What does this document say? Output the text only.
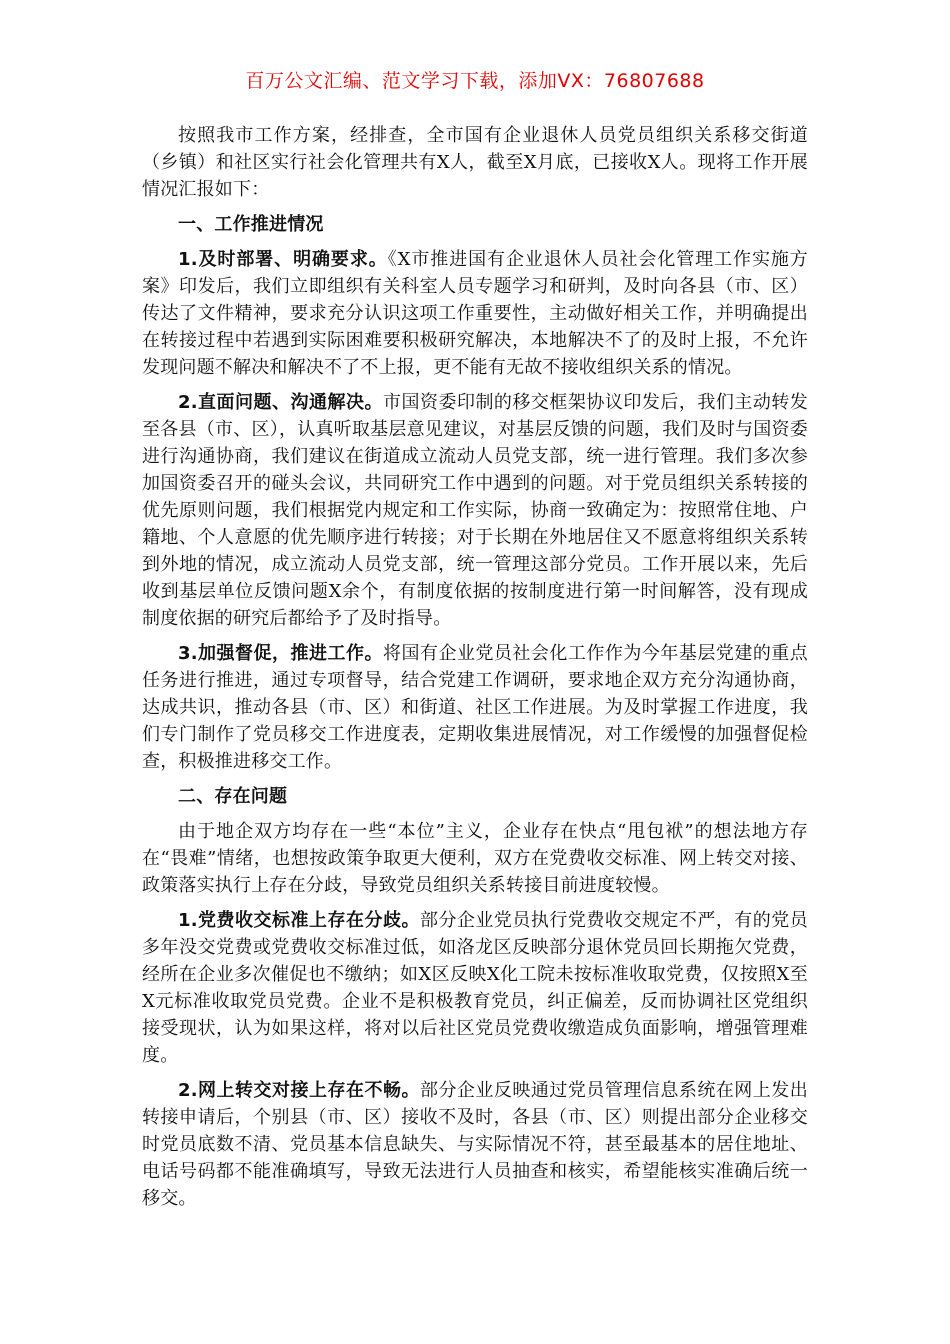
百万公文汇编、范文学习下载，添加VX：76807688

按照我市工作方案，经排查，全市国有企业退休人员党员组织关系移交街道（乡镇）和社区实行社会化管理共有X人，截至X月底，已接收X人。现将工作开展情况汇报如下：

一、工作推进情况

1.及时部署、明确要求。《X市推进国有企业退休人员社会化管理工作实施方案》印发后，我们立即组织有关科室人员专题学习和研判，及时向各县（市、区）传达了文件精神，要求充分认识这项工作重要性，主动做好相关工作，并明确提出在转接过程中若遇到实际困难要积极研究解决，本地解决不了的及时上报，不允许发现问题不解决和解决不了不上报，更不能有无故不接收组织关系的情况。

2.直面问题、沟通解决。市国资委印制的移交框架协议印发后，我们主动转发至各县（市、区），认真听取基层意见建议，对基层反馈的问题，我们及时与国资委进行沟通协商，我们建议在街道成立流动人员党支部，统一进行管理。我们多次参加国资委召开的碰头会议，共同研究工作中遇到的问题。对于党员组织关系转接的优先原则问题，我们根据党内规定和工作实际，协商一致确定为：按照常住地、户籍地、个人意愿的优先顺序进行转接；对于长期在外地居住又不愿意将组织关系转到外地的情况，成立流动人员党支部，统一管理这部分党员。工作开展以来，先后收到基层单位反馈问题X余个，有制度依据的按制度进行第一时间解答，没有现成制度依据的研究后都给予了及时指导。

3.加强督促，推进工作。将国有企业党员社会化工作作为今年基层党建的重点任务进行推进，通过专项督导，结合党建工作调研，要求地企双方充分沟通协商，达成共识，推动各县（市、区）和街道、社区工作进展。为及时掌握工作进度，我们专门制作了党员移交工作进度表，定期收集进展情况，对工作缓慢的加强督促检查，积极推进移交工作。

二、存在问题

由于地企双方均存在一些“本位”主义，企业存在快点“甩包袱”的想法地方存在“畏难”情绪，也想按政策争取更大便利，双方在党费收交标准、网上转交对接、政策落实执行上存在分歧，导致党员组织关系转接目前进度较慢。

1.党费收交标准上存在分歧。部分企业党员执行党费收交规定不严，有的党员多年没交党费或党费收交标准过低，如洛龙区反映部分退休党员回长期拖欠党费，经所在企业多次催促也不缴纳；如X区反映X化工院未按标准收取党费，仅按照X至X元标准收取党员党费。企业不是积极教育党员，纠正偏差，反而协调社区党组织接受现状，认为如果这样，将对以后社区党员党费收缴造成负面影响，增强管理难度。

2.网上转交对接上存在不畅。部分企业反映通过党员管理信息系统在网上发出转接申请后，个别县（市、区）接收不及时，各县（市、区）则提出部分企业移交时党员底数不清、党员基本信息缺失、与实际情况不符，甚至最基本的居住地址、电话号码都不能准确填写，导致无法进行人员抽查和核实，希望能核实准确后统一移交。
